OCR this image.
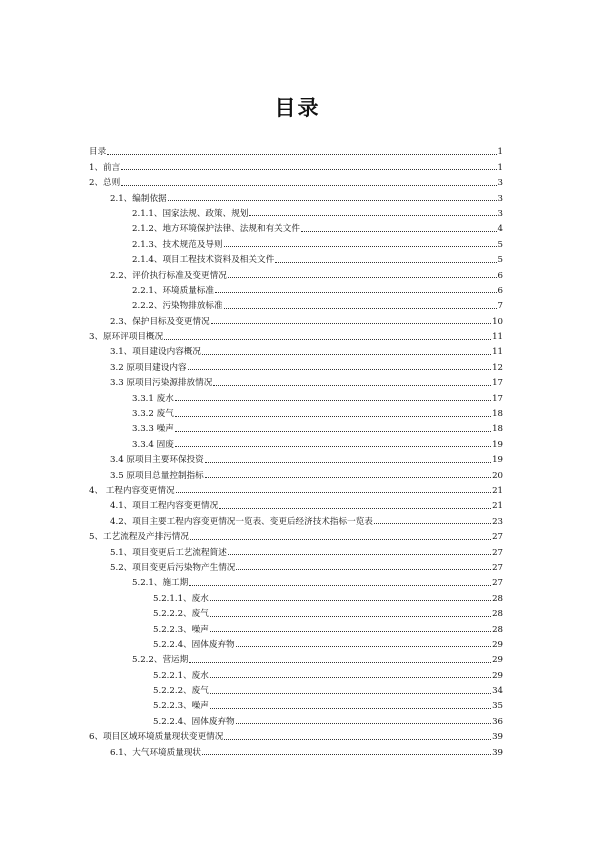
目录
目录	1
1、前言	1
2、总则	3
2.1、编制依据	3
2.1.1、国家法规、政策、规划	3
2.1.2、地方环境保护法律、法规和有关文件	4
2.1.3、技术规范及导则	5
2.1.4、项目工程技术资料及相关文件	5
2.2、评价执行标准及变更情况	6
2.2.1、环境质量标准	6
2.2.2、污染物排放标准	7
2.3、保护目标及变更情况	10
3、原环评项目概况	11
3.1、项目建设内容概况	11
3.2 原项目建设内容	12
3.3 原项目污染源排放情况	17
3.3.1 废水	17
3.3.2 废气	18
3.3.3 噪声	18
3.3.4 固废	19
3.4 原项目主要环保投资	19
3.5 原项目总量控制指标	20
4、 工程内容变更情况	21
4.1、项目工程内容变更情况	21
4.2、项目主要工程内容变更情况一览表、变更后经济技术指标一览表	23
5、工艺流程及产排污情况	27
5.1、项目变更后工艺流程简述	27
5.2、项目变更后污染物产生情况	27
5.2.1、施工期	27
5.2.1.1、废水	28
5.2.2.2、废气	28
5.2.2.3、噪声	28
5.2.2.4、固体废弃物	29
5.2.2、营运期	29
5.2.2.1、废水	29
5.2.2.2、废气	34
5.2.2.3、噪声	35
5.2.2.4、固体废弃物	36
6、项目区域环境质量现状变更情况	39
6.1、大气环境质量现状	39
